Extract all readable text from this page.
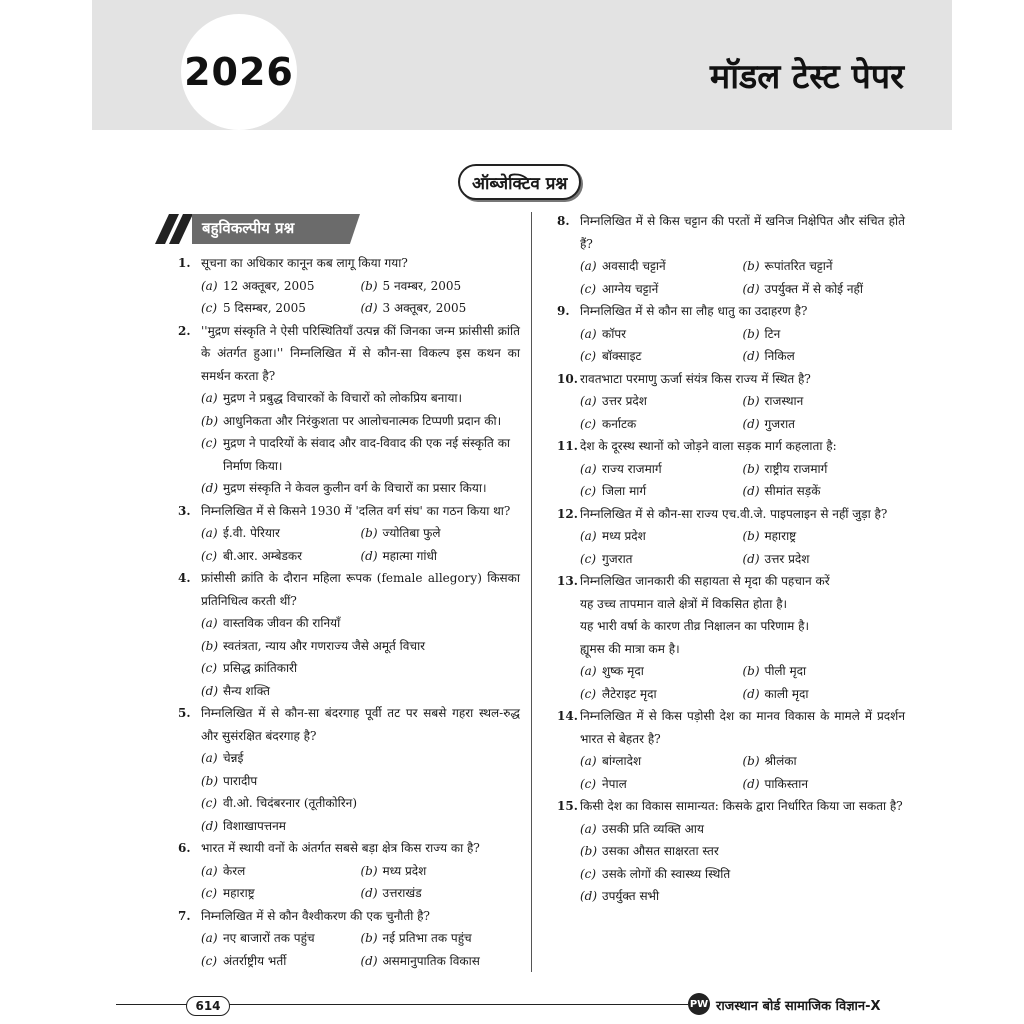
2026	मॉडल टेस्ट पेपर
ऑब्जेक्टिव प्रश्न
बहुविकल्पीय प्रश्न
1. सूचना का अधिकार कानून कब लागू किया गया?
(a) 12 अक्तूबर, 2005	(b) 5 नवम्बर, 2005
(c) 5 दिसम्बर, 2005	(d) 3 अक्तूबर, 2005
2. ''मुद्रण संस्कृति ने ऐसी परिस्थितियाँ उत्पन्न कीं जिनका जन्म फ्रांसीसी क्रांति के अंतर्गत हुआ।'' निम्नलिखित में से कौन-सा विकल्प इस कथन का समर्थन करता है?
(a) मुद्रण ने प्रबुद्ध विचारकों के विचारों को लोकप्रिय बनाया।
(b) आधुनिकता और निरंकुशता पर आलोचनात्मक टिप्पणी प्रदान की।
(c) मुद्रण ने पादरियों के संवाद और वाद-विवाद की एक नई संस्कृति का निर्माण किया।
(d) मुद्रण संस्कृति ने केवल कुलीन वर्ग के विचारों का प्रसार किया।
3. निम्नलिखित में से किसने 1930 में 'दलित वर्ग संघ' का गठन किया था?
(a) ई.वी. पेरियार	(b) ज्योतिबा फुले
(c) बी.आर. अम्बेडकर	(d) महात्मा गांधी
4. फ्रांसीसी क्रांति के दौरान महिला रूपक (female allegory) किसका प्रतिनिधित्व करती थीं?
(a) वास्तविक जीवन की रानियाँ
(b) स्वतंत्रता, न्याय और गणराज्य जैसे अमूर्त विचार
(c) प्रसिद्ध क्रांतिकारी
(d) सैन्य शक्ति
5. निम्नलिखित में से कौन-सा बंदरगाह पूर्वी तट पर सबसे गहरा स्थल-रुद्ध और सुसंरक्षित बंदरगाह है?
(a) चेन्नई
(b) पारादीप
(c) वी.ओ. चिदंबरनार (तूतीकोरिन)
(d) विशाखापत्तनम
6. भारत में स्थायी वनों के अंतर्गत सबसे बड़ा क्षेत्र किस राज्य का है?
(a) केरल	(b) मध्य प्रदेश
(c) महाराष्ट्र	(d) उत्तराखंड
7. निम्नलिखित में से कौन वैश्वीकरण की एक चुनौती है?
(a) नए बाजारों तक पहुंच	(b) नई प्रतिभा तक पहुंच
(c) अंतर्राष्ट्रीय भर्ती	(d) असमानुपातिक विकास
8. निम्नलिखित में से किस चट्टान की परतों में खनिज निक्षेपित और संचित होते हैं?
(a) अवसादी चट्टानें	(b) रूपांतरित चट्टानें
(c) आग्नेय चट्टानें	(d) उपर्युक्त में से कोई नहीं
9. निम्नलिखित में से कौन सा लौह धातु का उदाहरण है?
(a) कॉपर	(b) टिन
(c) बॉक्साइट	(d) निकिल
10. रावतभाटा परमाणु ऊर्जा संयंत्र किस राज्य में स्थित है?
(a) उत्तर प्रदेश	(b) राजस्थान
(c) कर्नाटक	(d) गुजरात
11. देश के दूरस्थ स्थानों को जोड़ने वाला सड़क मार्ग कहलाता है:
(a) राज्य राजमार्ग	(b) राष्ट्रीय राजमार्ग
(c) जिला मार्ग	(d) सीमांत सड़कें
12. निम्नलिखित में से कौन-सा राज्य एच.वी.जे. पाइपलाइन से नहीं जुड़ा है?
(a) मध्य प्रदेश	(b) महाराष्ट्र
(c) गुजरात	(d) उत्तर प्रदेश
13. निम्नलिखित जानकारी की सहायता से मृदा की पहचान करें
यह उच्च तापमान वाले क्षेत्रों में विकसित होता है।
यह भारी वर्षा के कारण तीव्र निक्षालन का परिणाम है।
ह्यूमस की मात्रा कम है।
(a) शुष्क मृदा	(b) पीली मृदा
(c) लैटेराइट मृदा	(d) काली मृदा
14. निम्नलिखित में से किस पड़ोसी देश का मानव विकास के मामले में प्रदर्शन भारत से बेहतर है?
(a) बांग्लादेश	(b) श्रीलंका
(c) नेपाल	(d) पाकिस्तान
15. किसी देश का विकास सामान्यत: किसके द्वारा निर्धारित किया जा सकता है?
(a) उसकी प्रति व्यक्ति आय
(b) उसका औसत साक्षरता स्तर
(c) उसके लोगों की स्वास्थ्य स्थिति
(d) उपर्युक्त सभी
614	PW राजस्थान बोर्ड सामाजिक विज्ञान-X
